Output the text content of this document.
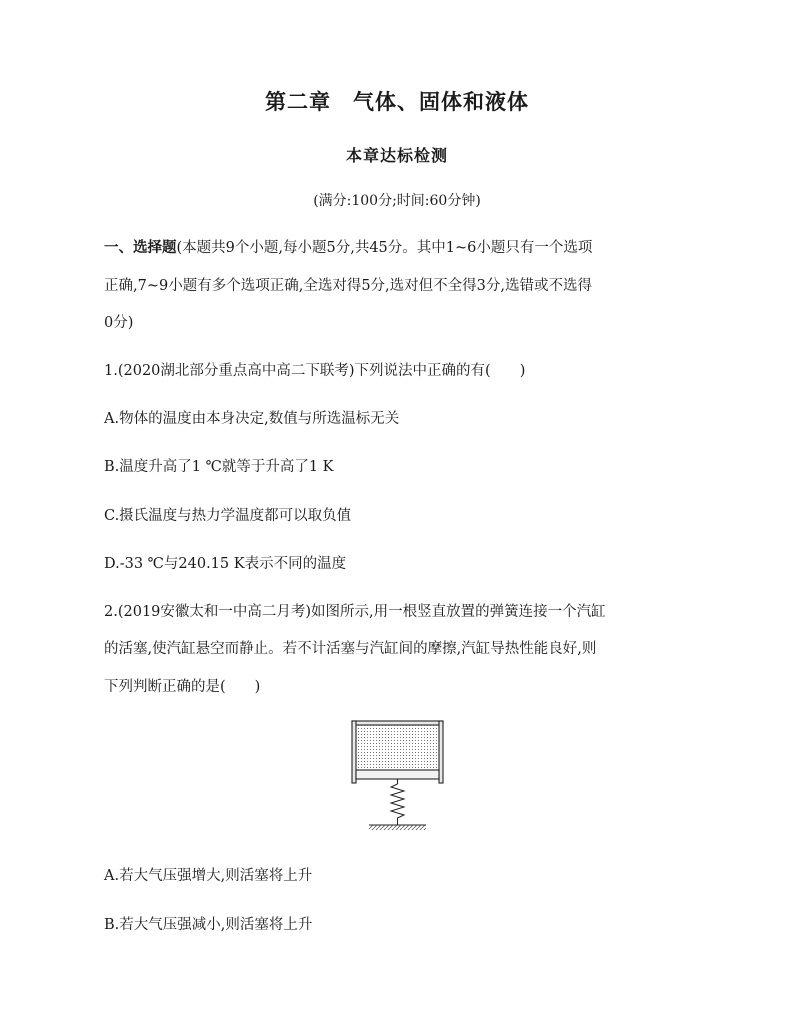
第二章　气体、固体和液体
本章达标检测
(满分:100分;时间:60分钟)
一、选择题(本题共9个小题,每小题5分,共45分。其中1~6小题只有一个选项
正确,7~9小题有多个选项正确,全选对得5分,选对但不全得3分,选错或不选得
0分)
1.(2020湖北部分重点高中高二下联考)下列说法中正确的有(　　)
A.物体的温度由本身决定,数值与所选温标无关
B.温度升高了1 ℃就等于升高了1 K
C.摄氏温度与热力学温度都可以取负值
D.-33 ℃与240.15 K表示不同的温度
2.(2019安徽太和一中高二月考)如图所示,用一根竖直放置的弹簧连接一个汽缸
的活塞,使汽缸悬空而静止。若不计活塞与汽缸间的摩擦,汽缸导热性能良好,则
下列判断正确的是(　　)
A.若大气压强增大,则活塞将上升
B.若大气压强减小,则活塞将上升
